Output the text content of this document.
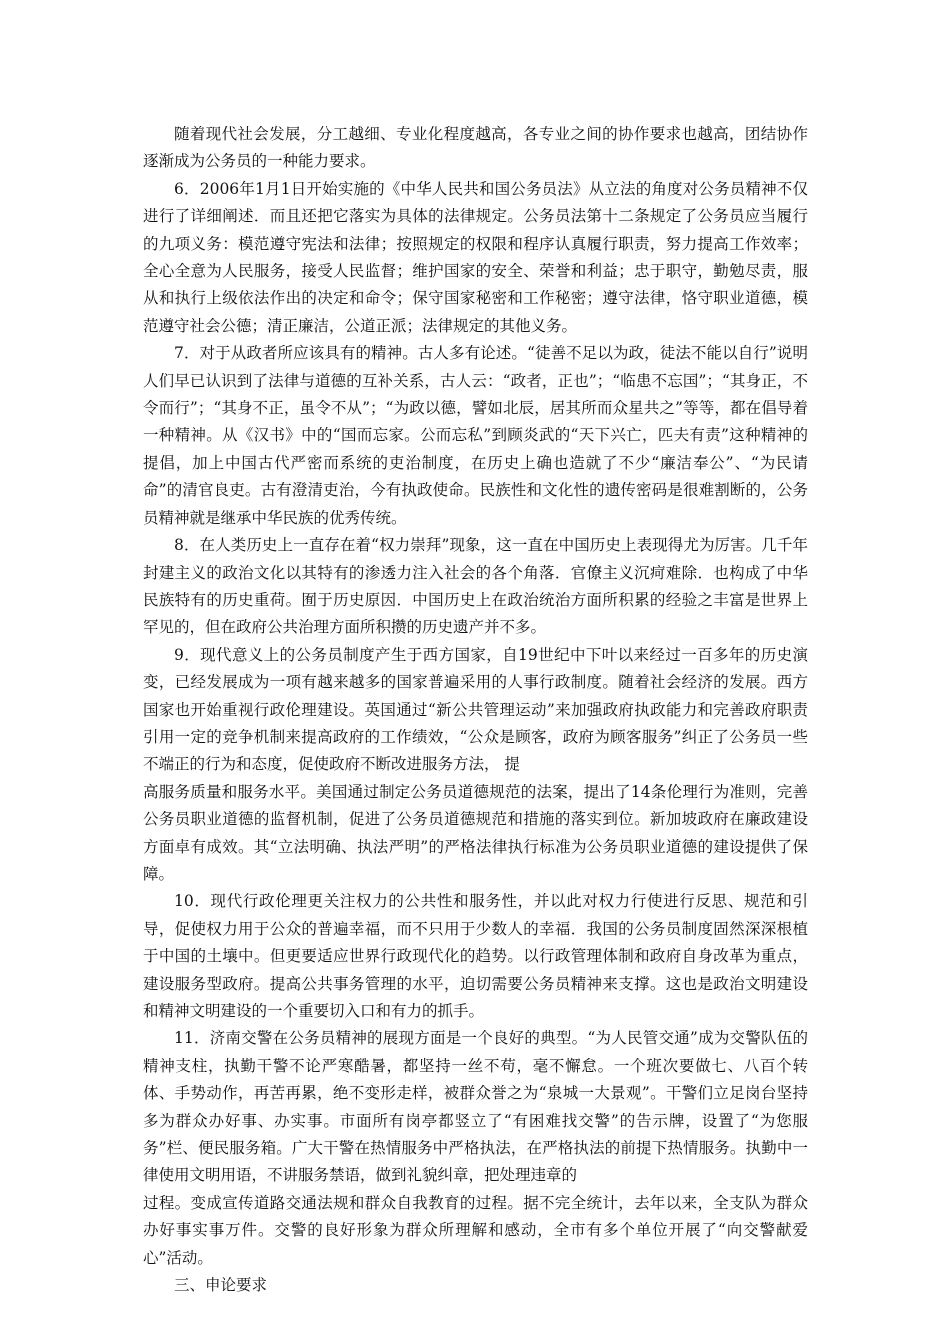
随着现代社会发展，分工越细、专业化程度越高，各专业之间的协作要求也越高，团结协作逐渐成为公务员的一种能力要求。

6．2006年1月1日开始实施的《中华人民共和国公务员法》从立法的角度对公务员精神不仅进行了详细阐述．而且还把它落实为具体的法律规定。公务员法第十二条规定了公务员应当履行的九项义务：模范遵守宪法和法律；按照规定的权限和程序认真履行职责，努力提高工作效率；全心全意为人民服务，接受人民监督；维护国家的安全、荣誉和利益；忠于职守，勤勉尽责，服从和执行上级依法作出的决定和命令；保守国家秘密和工作秘密；遵守法律，恪守职业道德，模范遵守社会公德；清正廉洁，公道正派；法律规定的其他义务。

7．对于从政者所应该具有的精神。古人多有论述。“徒善不足以为政，徒法不能以自行”说明人们早已认识到了法律与道德的互补关系，古人云：“政者，正也”；“临患不忘国”；“其身正，不令而行”；“其身不正，虽令不从”；“为政以德，譬如北辰，居其所而众星共之”等等，都在倡导着一种精神。从《汉书》中的“国而忘家。公而忘私”到顾炎武的“天下兴亡，匹夫有责”这种精神的提倡，加上中国古代严密而系统的吏治制度，在历史上确也造就了不少“廉洁奉公”、“为民请命”的清官良吏。古有澄清吏治，今有执政使命。民族性和文化性的遗传密码是很难割断的，公务员精神就是继承中华民族的优秀传统。

8．在人类历史上一直存在着“权力崇拜”现象，这一直在中国历史上表现得尤为厉害。几千年封建主义的政治文化以其特有的渗透力注入社会的各个角落．官僚主义沉疴难除．也构成了中华民族特有的历史重荷。囿于历史原因．中国历史上在政治统治方面所积累的经验之丰富是世界上罕见的，但在政府公共治理方面所积攒的历史遗产并不多。

9．现代意义上的公务员制度产生于西方国家，自19世纪中下叶以来经过一百多年的历史演变，已经发展成为一项有越来越多的国家普遍采用的人事行政制度。随着社会经济的发展。西方国家也开始重视行政伦理建设。英国通过“新公共管理运动”来加强政府执政能力和完善政府职责引用一定的竞争机制来提高政府的工作绩效，“公众是顾客，政府为顾客服务”纠正了公务员一些不端正的行为和态度，促使政府不断改进服务方法， 提

高服务质量和服务水平。美国通过制定公务员道德规范的法案，提出了14条伦理行为准则，完善公务员职业道德的监督机制，促进了公务员道德规范和措施的落实到位。新加坡政府在廉政建设方面卓有成效。其“立法明确、执法严明”的严格法律执行标准为公务员职业道德的建设提供了保障。

10．现代行政伦理更关注权力的公共性和服务性，并以此对权力行使进行反思、规范和引导，促使权力用于公众的普遍幸福，而不只用于少数人的幸福．我国的公务员制度固然深深根植于中国的土壤中。但更要适应世界行政现代化的趋势。以行政管理体制和政府自身改革为重点，建设服务型政府。提高公共事务管理的水平，迫切需要公务员精神来支撑。这也是政治文明建设和精神文明建设的一个重要切入口和有力的抓手。

11．济南交警在公务员精神的展现方面是一个良好的典型。“为人民管交通”成为交警队伍的精神支柱，执勤干警不论严寒酷暑，都坚持一丝不苟，毫不懈怠。一个班次要做七、八百个转体、手势动作，再苦再累，绝不变形走样，被群众誉之为“泉城一大景观”。干警们立足岗台坚持多为群众办好事、办实事。市面所有岗亭都竖立了“有困难找交警”的告示牌，设置了“为您服务”栏、便民服务箱。广大干警在热情服务中严格执法，在严格执法的前提下热情服务。执勤中一律使用文明用语，不讲服务禁语，做到礼貌纠章，把处理违章的

过程。变成宣传道路交通法规和群众自我教育的过程。据不完全统计，去年以来，全支队为群众办好事实事万件。交警的良好形象为群众所理解和感动，全市有多个单位开展了“向交警献爱心”活动。

三、申论要求
